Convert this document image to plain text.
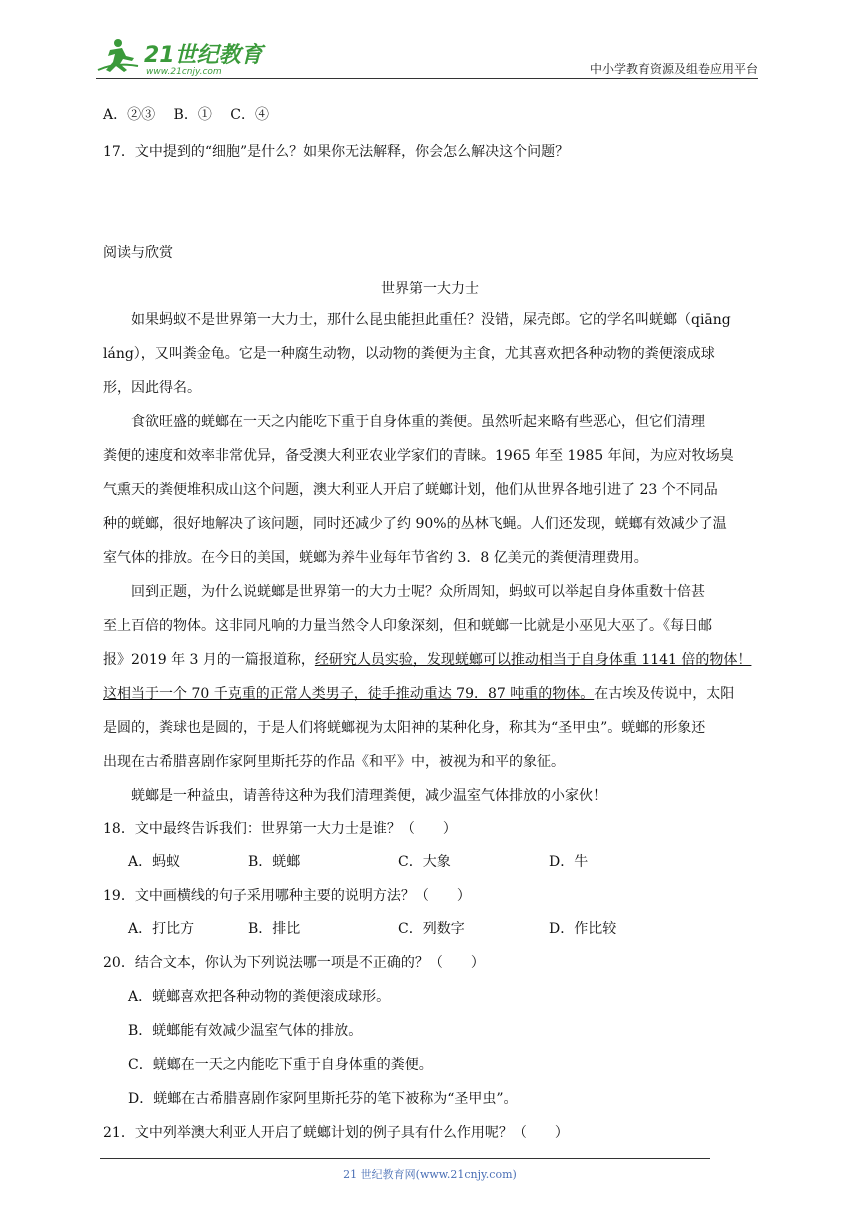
21世纪教育
www.21cnjy.com	中小学教育资源及组卷应用平台
A．②③　 B．①　 C．④
17．文中提到的“细胞”是什么？如果你无法解释，你会怎么解决这个问题？
阅读与欣赏
世界第一大力士
　　如果蚂蚁不是世界第一大力士，那什么昆虫能担此重任？没错，屎壳郎。它的学名叫蜣螂（qiāng
láng），又叫粪金龟。它是一种腐生动物，以动物的粪便为主食，尤其喜欢把各种动物的粪便滚成球
形，因此得名。
　　食欲旺盛的蜣螂在一天之内能吃下重于自身体重的粪便。虽然听起来略有些恶心，但它们清理
粪便的速度和效率非常优异，备受澳大利亚农业学家们的青睐。1965 年至 1985 年间，为应对牧场臭
气熏天的粪便堆积成山这个问题，澳大利亚人开启了蜣螂计划，他们从世界各地引进了 23 个不同品
种的蜣螂，很好地解决了该问题，同时还减少了约 90%的丛林飞蝇。人们还发现，蜣螂有效减少了温
室气体的排放。在今日的美国，蜣螂为养牛业每年节省约 3．8 亿美元的粪便清理费用。
　　回到正题，为什么说蜣螂是世界第一的大力士呢？众所周知，蚂蚁可以举起自身体重数十倍甚
至上百倍的物体。这非同凡响的力量当然令人印象深刻，但和蜣螂一比就是小巫见大巫了。《每日邮
报》2019 年 3 月的一篇报道称，经研究人员实验，发现蜣螂可以推动相当于自身体重 1141 倍的物体！
这相当于一个 70 千克重的正常人类男子，徒手推动重达 79．87 吨重的物体。在古埃及传说中，太阳
是圆的，粪球也是圆的，于是人们将蜣螂视为太阳神的某种化身，称其为“圣甲虫”。蜣螂的形象还
出现在古希腊喜剧作家阿里斯托芬的作品《和平》中，被视为和平的象征。
　　蜣螂是一种益虫，请善待这种为我们清理粪便，减少温室气体排放的小家伙！
18．文中最终告诉我们：世界第一大力士是谁？（　　）
A．蚂蚁	B．蜣螂	C．大象	D．牛
19．文中画横线的句子采用哪种主要的说明方法？（　　）
A．打比方	B．排比	C．列数字	D．作比较
20．结合文本，你认为下列说法哪一项是不正确的？（　　）
A．蜣螂喜欢把各种动物的粪便滚成球形。
B．蜣螂能有效减少温室气体的排放。
C．蜣螂在一天之内能吃下重于自身体重的粪便。
D．蜣螂在古希腊喜剧作家阿里斯托芬的笔下被称为“圣甲虫”。
21．文中列举澳大利亚人开启了蜣螂计划的例子具有什么作用呢？（　　）
21 世纪教育网(www.21cnjy.com)
